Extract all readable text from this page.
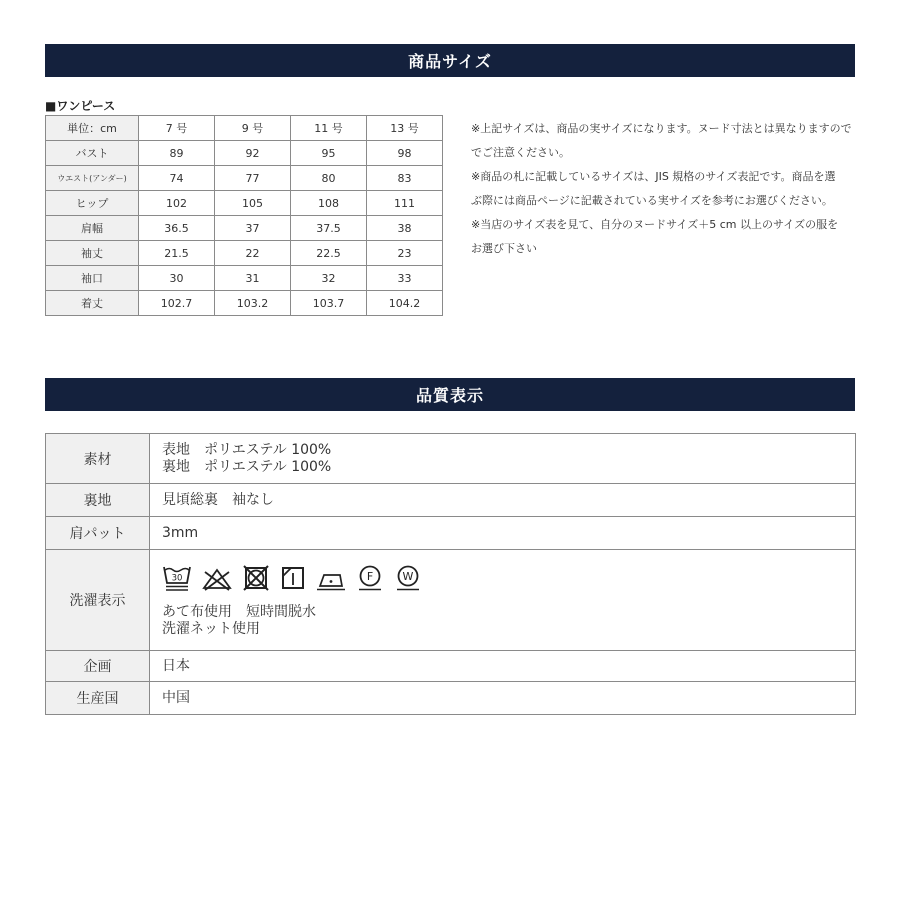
商品サイズ
■ワンピース
単位：cm	7 号	9 号	11 号	13 号
バスト	89	92	95	98
ウエスト(アンダー)	74	77	80	83
ヒップ	102	105	108	111
肩幅	36.5	37	37.5	38
袖丈	21.5	22	22.5	23
袖口	30	31	32	33
着丈	102.7	103.2	103.7	104.2

※上記サイズは、商品の実サイズになります。ヌード寸法とは異なりますので

でご注意ください。

※商品の札に記載しているサイズは、JIS 規格のサイズ表記です。商品を選

ぶ際には商品ページに記載されている実サイズを参考にお選びください。

※当店のサイズ表を見て、自分のヌードサイズ＋5 cm 以上のサイズの服を

お選び下さい

品質表示
素材	表地　ポリエステル 100%
裏地　ポリエステル 100%

裏地	見頃総裏　袖なし
肩パット	3mm
洗濯表示	30 F W
あて布使用　短時間脱水
洗濯ネット使用

企画	日本
生産国	中国
